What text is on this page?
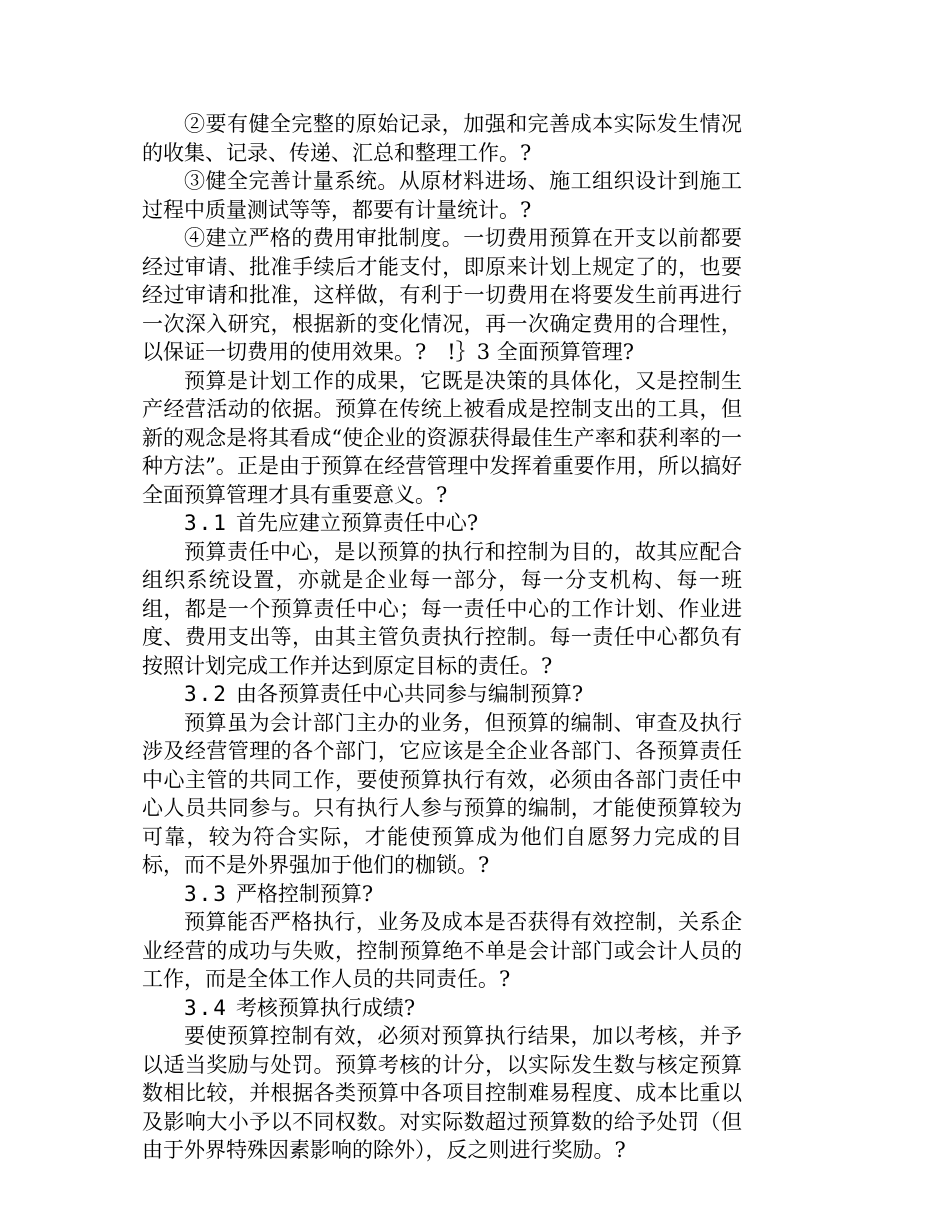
②要有健全完整的原始记录，加强和完善成本实际发生情况的收集、记录、传递、汇总和整理工作。?

③健全完善计量系统。从原材料进场、施工组织设计到施工过程中质量测试等等，都要有计量统计。?

④建立严格的费用审批制度。一切费用预算在开支以前都要经过审请、批准手续后才能支付，即原来计划上规定了的，也要经过审请和批准，这样做，有利于一切费用在将要发生前再进行一次深入研究，根据新的变化情况，再一次确定费用的合理性，以保证一切费用的使用效果。?　!｝3 全面预算管理?

预算是计划工作的成果，它既是决策的具体化，又是控制生产经营活动的依据。预算在传统上被看成是控制支出的工具，但新的观念是将其看成“使企业的资源获得最佳生产率和获利率的一种方法”。正是由于预算在经营管理中发挥着重要作用，所以搞好全面预算管理才具有重要意义。?

3.1 首先应建立预算责任中心?

预算责任中心，是以预算的执行和控制为目的，故其应配合组织系统设置，亦就是企业每一部分，每一分支机构、每一班组，都是一个预算责任中心；每一责任中心的工作计划、作业进度、费用支出等，由其主管负责执行控制。每一责任中心都负有按照计划完成工作并达到原定目标的责任。?

3.2 由各预算责任中心共同参与编制预算?

预算虽为会计部门主办的业务，但预算的编制、审查及执行涉及经营管理的各个部门，它应该是全企业各部门、各预算责任中心主管的共同工作，要使预算执行有效，必须由各部门责任中心人员共同参与。只有执行人参与预算的编制，才能使预算较为可靠，较为符合实际，才能使预算成为他们自愿努力完成的目标，而不是外界强加于他们的枷锁。?

3.3 严格控制预算?

预算能否严格执行，业务及成本是否获得有效控制，关系企业经营的成功与失败，控制预算绝不单是会计部门或会计人员的工作，而是全体工作人员的共同责任。?

3.4 考核预算执行成绩?

要使预算控制有效，必须对预算执行结果，加以考核，并予以适当奖励与处罚。预算考核的计分，以实际发生数与核定预算数相比较，并根据各类预算中各项目控制难易程度、成本比重以及影响大小予以不同权数。对实际数超过预算数的给予处罚（但由于外界特殊因素影响的除外），反之则进行奖励。?
